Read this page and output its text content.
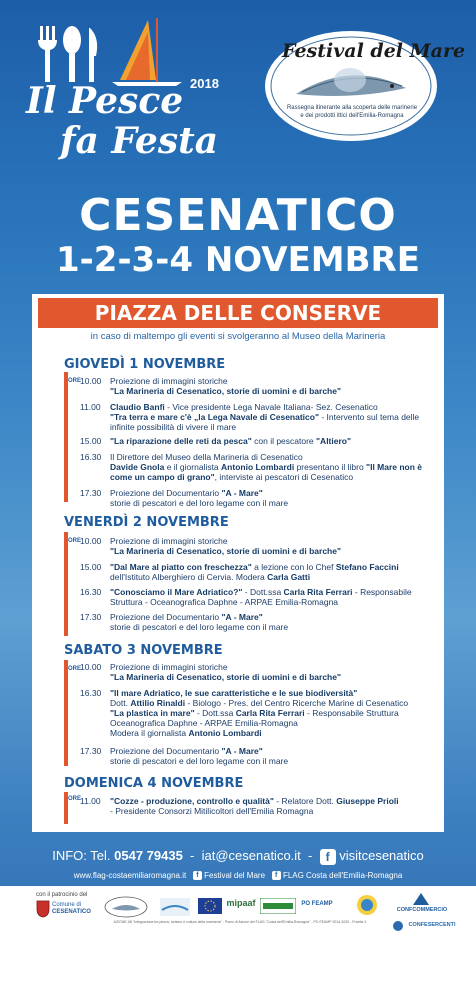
2018
Il Pesce
fa Festa
Festival del Mare
Rassegna itinerante alla scoperta delle marinerie e dei prodotti ittici dell'Emilia-Romagna
CESENATICO
1-2-3-4 NOVEMBRE
PIAZZA DELLE CONSERVE
in caso di maltempo gli eventi si svolgeranno al Museo della Marineria
GIOVEDÌ 1 NOVEMBRE
ORE
10.00	Proiezione di immagini storiche
"La Marineria di Cesenatico, storie di uomini e di barche"
11.00	Claudio Banfi - Vice presidente Lega Navale Italiana- Sez. Cesenatico
"Tra terra e mare c'è „la Lega Navale di Cesenatico" - Intervento sul tema delle infinite possibilità di vivere il mare
15.00	"La riparazione delle reti da pesca" con il pescatore "Altiero"
16.30	Il Direttore del Museo della Marineria di Cesenatico
Davide Gnola e il giornalista Antonio Lombardi presentano il libro "Il Mare non è come un campo di grano", interviste ai pescatori di Cesenatico
17.30	Proiezione del Documentario "A - Mare"
storie di pescatori e del loro legame con il mare
VENERDÌ 2 NOVEMBRE
ORE
10.00	Proiezione di immagini storiche
"La Marineria di Cesenatico, storie di uomini e di barche"
15.00	"Dal Mare al piatto con freschezza" a lezione con lo Chef Stefano Faccini
dell'Istituto Alberghiero di Cervia. Modera Carla Gatti
16.30	"Conosciamo il Mare Adriatico?" - Dott.ssa Carla Rita Ferrari - Responsabile Struttura - Oceanografica Daphne - ARPAE Emilia-Romagna
17.30	Proiezione del Documentario "A - Mare"
storie di pescatori e del loro legame con il mare
SABATO 3 NOVEMBRE
ORE
10.00	Proiezione di immagini storiche
"La Marineria di Cesenatico, storie di uomini e di barche"
16.30	"Il mare Adriatico, le sue caratteristiche e le sue biodiversità"
Dott. Attilio Rinaldi - Biologo - Pres. del Centro Ricerche Marine di Cesenatico
"La plastica in mare" - Dott.ssa Carla Rita Ferrari - Responsabile Struttura Oceanografica Daphne - ARPAE Emilia-Romagna
Modera il giornalista Antonio Lombardi
17.30	Proiezione del Documentario "A - Mare"
storie di pescatori e del loro legame con il mare
DOMENICA 4 NOVEMBRE
ORE
11.00	"Cozze - produzione, controllo e qualità" - Relatore Dott. Giuseppe Prioli
- Presidente Consorzi Mitilicoltori dell'Emilia Romagna
INFO: Tel. 0547 79435  -  iat@cesenatico.it  -  f visitcesenatico
www.flag-costaemiliaromagna.it f Festival del Mare f FLAG Costa dell'Emilia-Romagna
con il patrocinio del
Comune di
CESENATICO
mipaaf	PO FEAMP
CONFCOMMERCIO
CONFESERCENTI
AZIONE 4B "Integrazione tra pesca, turismo e cultura della marineria" - Piano di Azione del FLAG "Costa dell'Emilia-Romagna" - PO FEAMP 2014-2020 - Priorità 4
